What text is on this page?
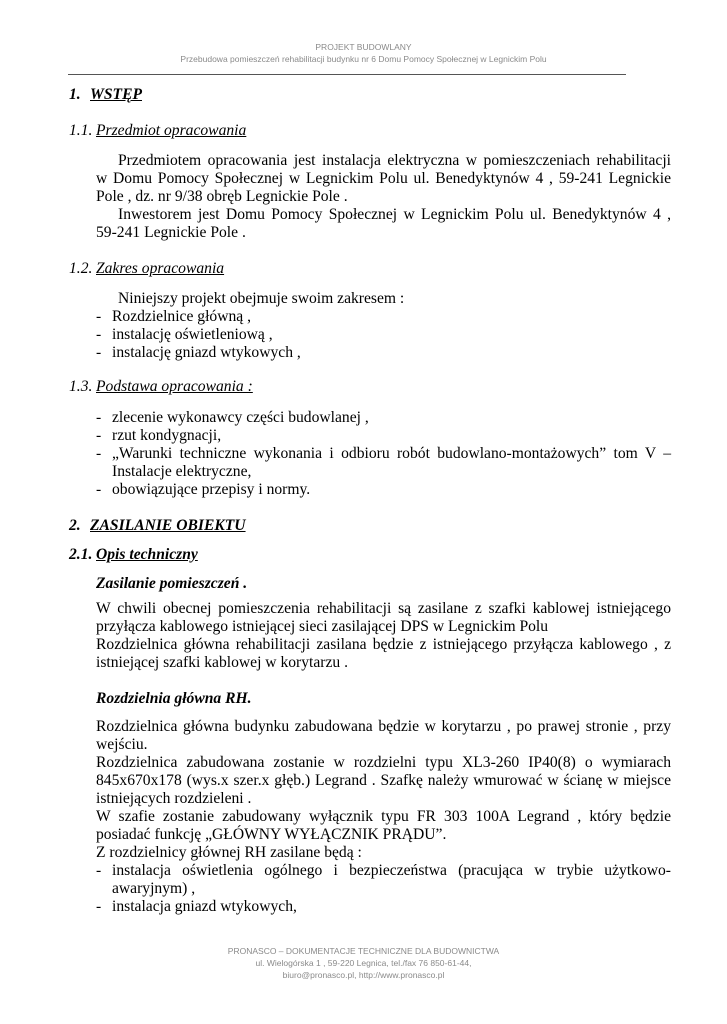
PROJEKT BUDOWLANY
Przebudowa pomieszczeń rehabilitacji budynku nr 6 Domu Pomocy Społecznej w Legnickim Polu
1. WSTĘP
1.1. Przedmiot opracowania
Przedmiotem opracowania jest instalacja elektryczna w pomieszczeniach rehabilitacji
w Domu Pomocy Społecznej w Legnickim Polu ul. Benedyktynów 4 , 59-241 Legnickie
Pole , dz. nr 9/38 obręb Legnickie Pole .
Inwestorem jest Domu Pomocy Społecznej w Legnickim Polu ul. Benedyktynów 4 ,
59-241 Legnickie Pole .
1.2. Zakres opracowania
Niniejszy projekt obejmuje swoim zakresem :
- Rozdzielnice główną ,
- instalację oświetleniową ,
- instalację gniazd wtykowych ,
1.3. Podstawa opracowania :
- zlecenie wykonawcy części budowlanej ,
- rzut kondygnacji,
- „Warunki techniczne wykonania i odbioru robót budowlano-montażowych” tom V –
Instalacje elektryczne,
- obowiązujące przepisy i normy.
2. ZASILANIE OBIEKTU
2.1. Opis techniczny
Zasilanie pomieszczeń .
W chwili obecnej pomieszczenia rehabilitacji są zasilane z szafki kablowej istniejącego
przyłącza kablowego istniejącej sieci zasilającej DPS w Legnickim Polu
Rozdzielnica główna rehabilitacji zasilana będzie z istniejącego przyłącza kablowego , z
istniejącej szafki kablowej w korytarzu .
Rozdzielnia główna RH.
Rozdzielnica główna budynku zabudowana będzie w korytarzu , po prawej stronie , przy
wejściu.
Rozdzielnica zabudowana zostanie w rozdzielni typu XL3-260 IP40(8) o wymiarach
845x670x178 (wys.x szer.x głęb.) Legrand . Szafkę należy wmurować w ścianę w miejsce
istniejących rozdzieleni .
W szafie zostanie zabudowany wyłącznik typu FR 303 100A Legrand , który będzie
posiadać funkcję „GŁÓWNY WYŁĄCZNIK PRĄDU”.
Z rozdzielnicy głównej RH zasilane będą :
- instalacja oświetlenia ogólnego i bezpieczeństwa (pracująca w trybie użytkowo-
awaryjnym) ,
- instalacja gniazd wtykowych,
PRONASCO – DOKUMENTACJE TECHNICZNE DLA BUDOWNICTWA
ul. Wielogórska 1 , 59-220 Legnica, tel./fax 76 850-61-44,
biuro@pronasco.pl, http://www.pronasco.pl
